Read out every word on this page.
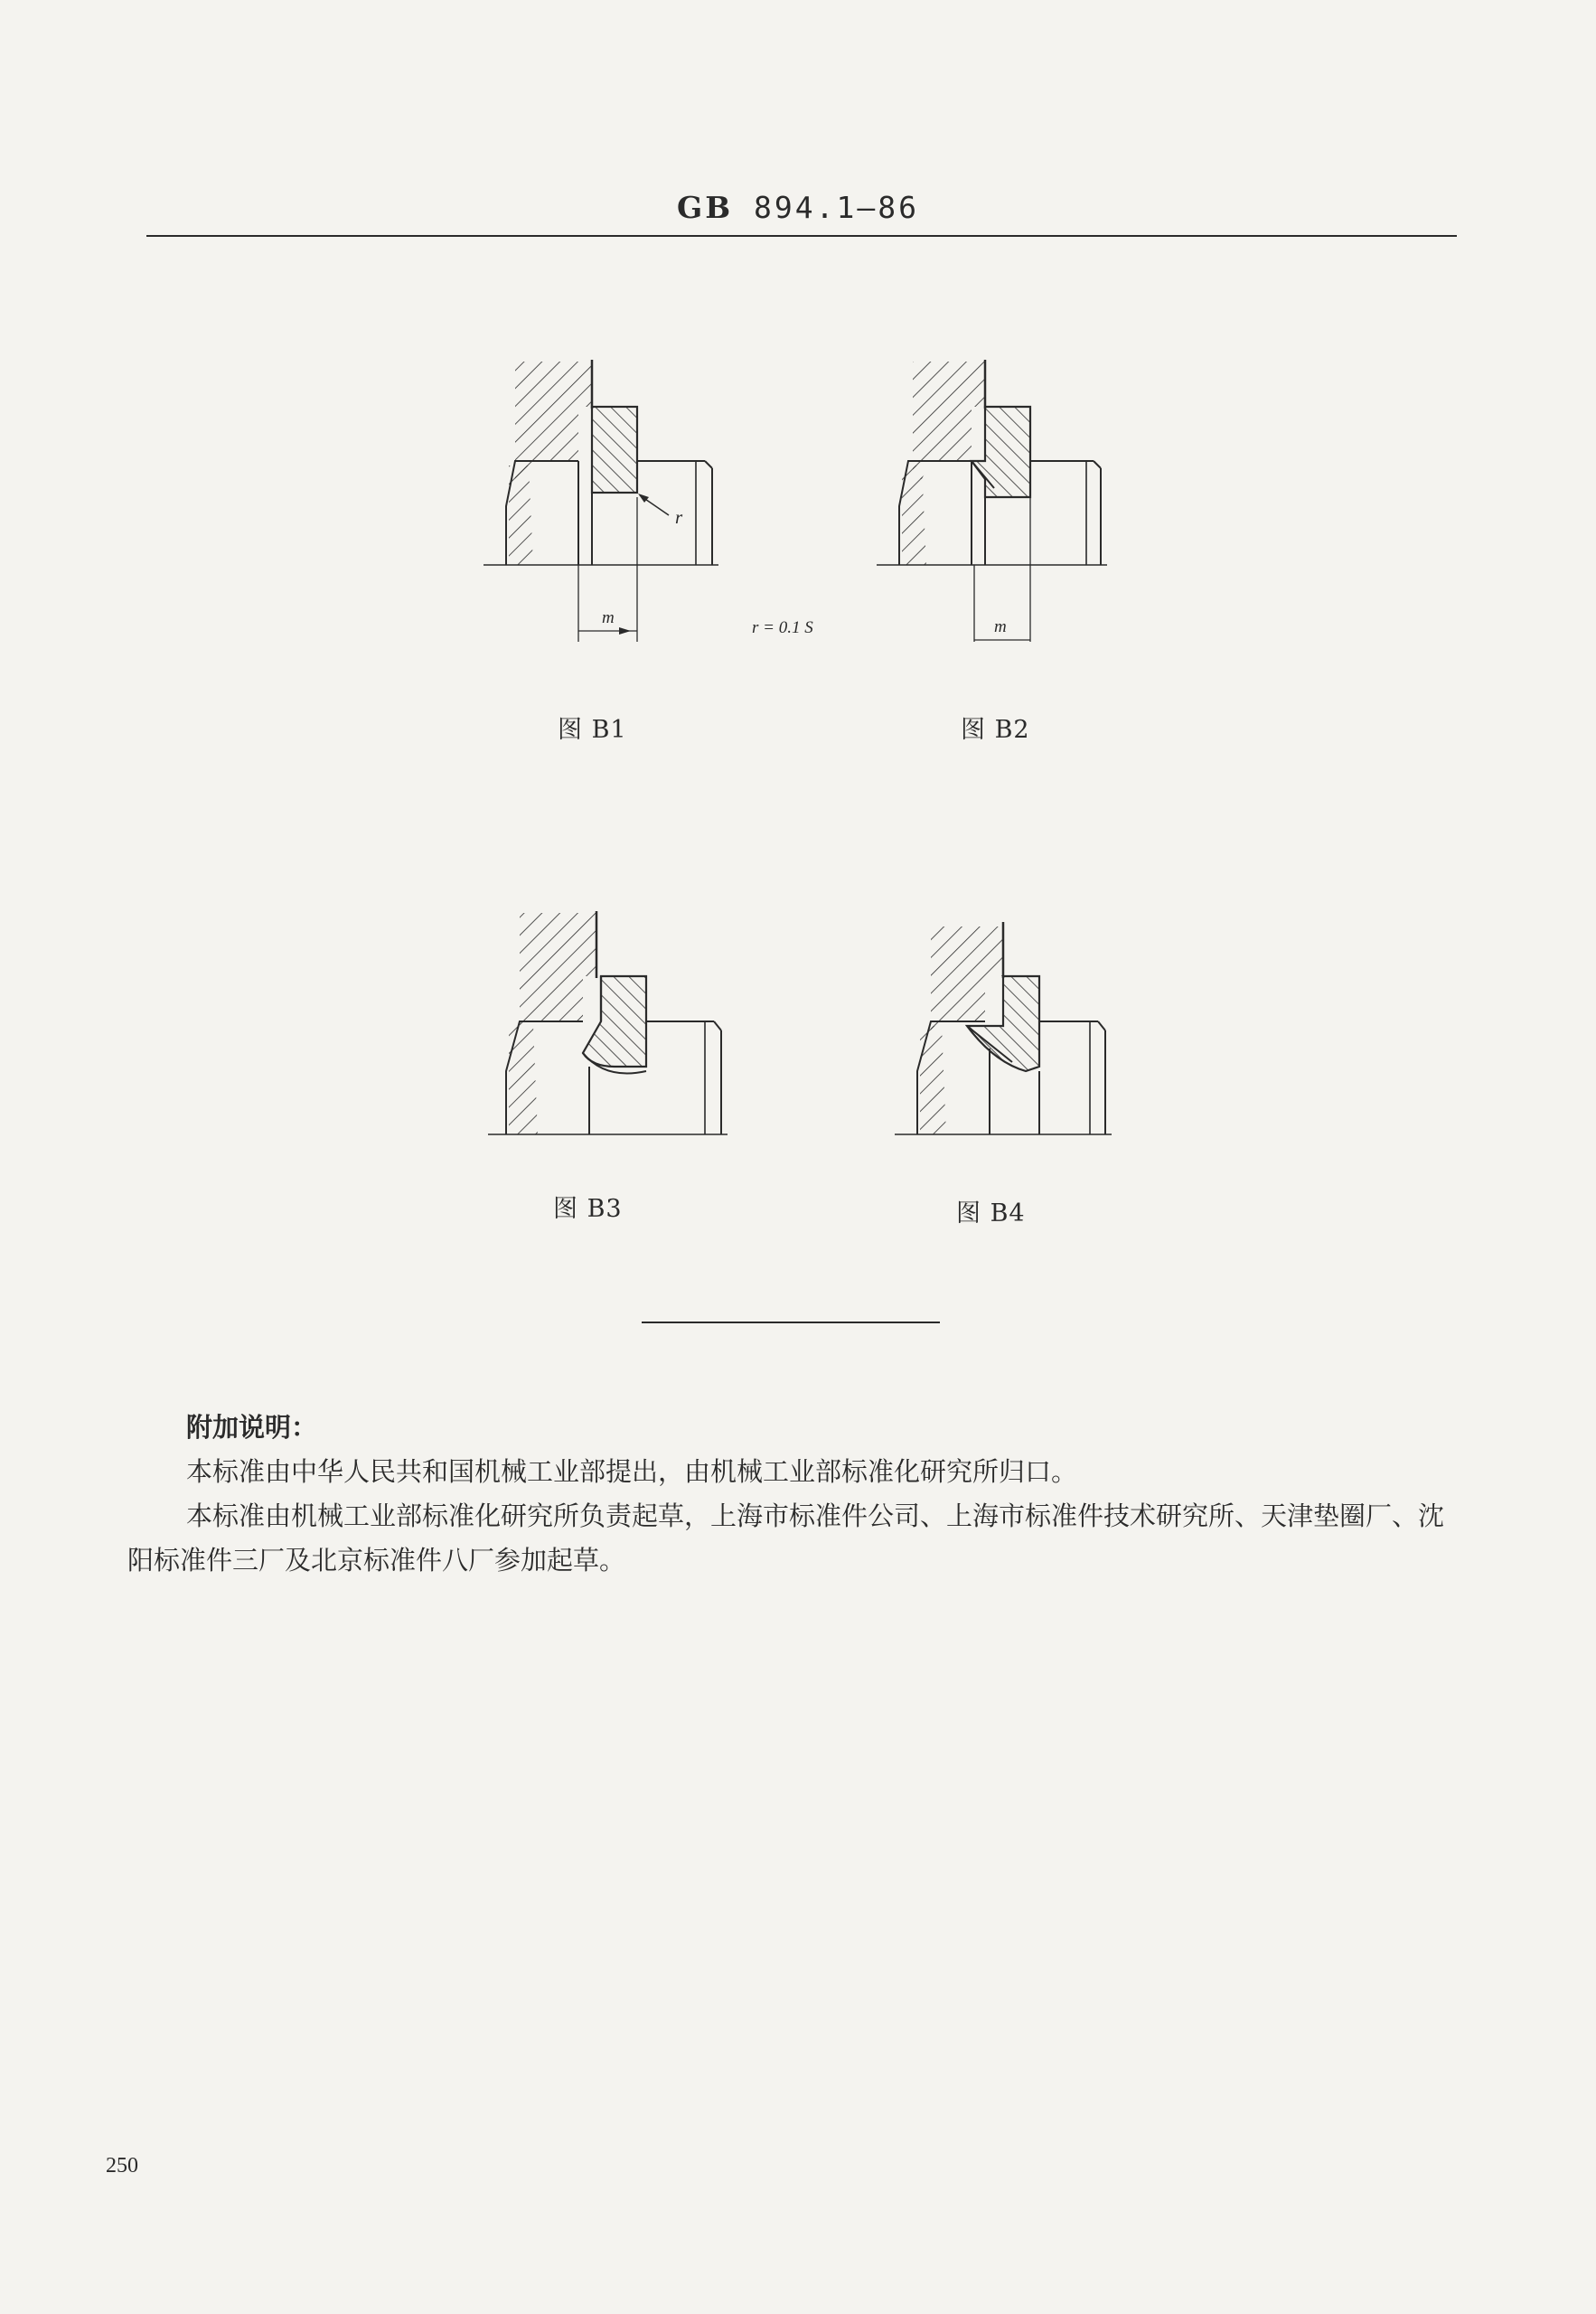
GB 894.1—86
m
r
图 B1
r = 0.1 S	m
图 B2
图 B3	图 B4
附加说明：

本标准由中华人民共和国机械工业部提出，由机械工业部标准化研究所归口。

本标准由机械工业部标准化研究所负责起草，上海市标准件公司、上海市标准件技术研究所、天津垫圈厂、沈阳标准件三厂及北京标准件八厂参加起草。

250
